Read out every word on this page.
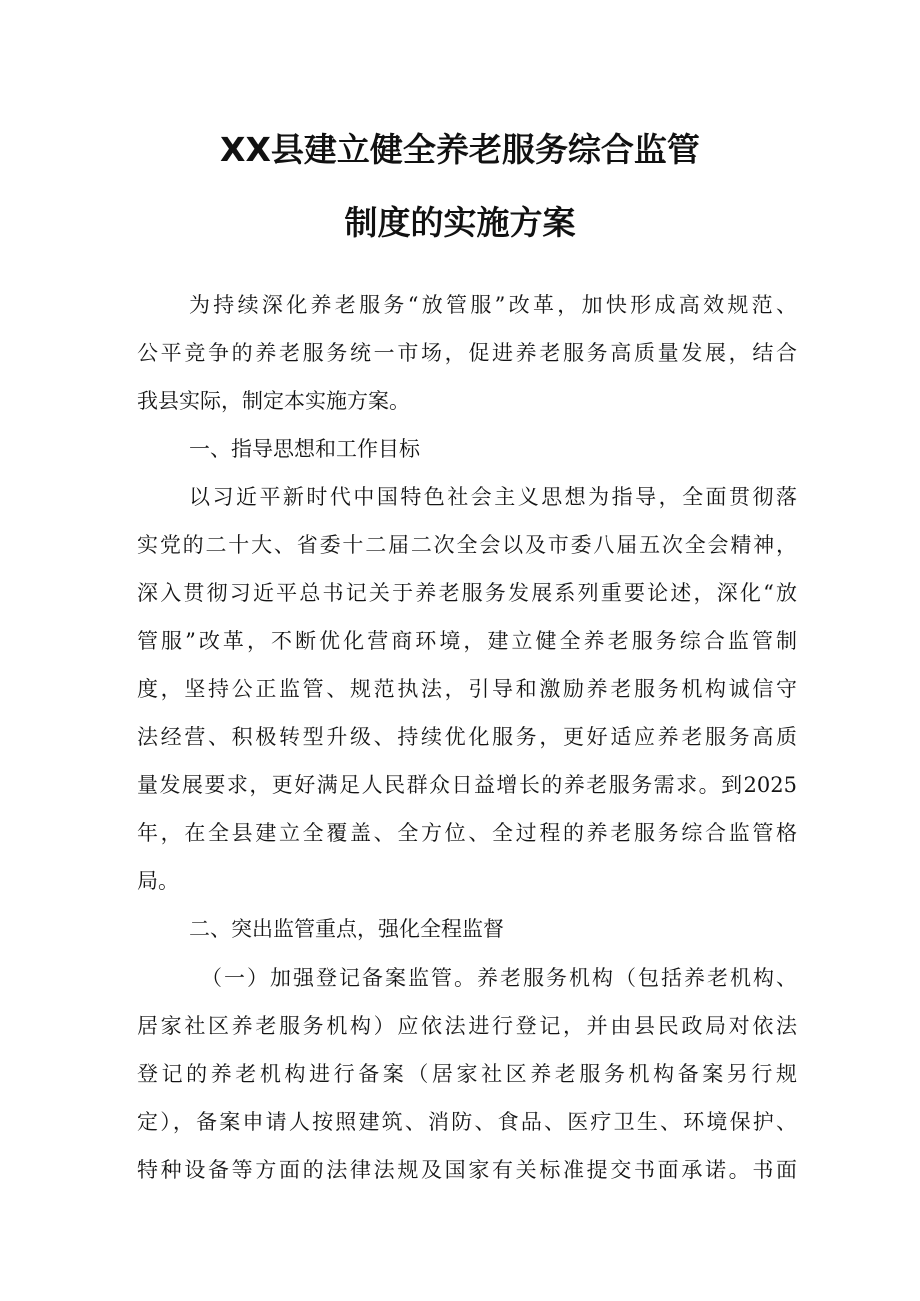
XX县建立健全养老服务综合监管
制度的实施方案
为持续深化养老服务“放管服”改革，加快形成高效规范、
公平竞争的养老服务统一市场，促进养老服务高质量发展，结合
我县实际，制定本实施方案。
一、指导思想和工作目标
以习近平新时代中国特色社会主义思想为指导，全面贯彻落
实党的二十大、省委十二届二次全会以及市委八届五次全会精神，
深入贯彻习近平总书记关于养老服务发展系列重要论述，深化“放
管服”改革，不断优化营商环境，建立健全养老服务综合监管制
度，坚持公正监管、规范执法，引导和激励养老服务机构诚信守
法经营、积极转型升级、持续优化服务，更好适应养老服务高质
量发展要求，更好满足人民群众日益增长的养老服务需求。到2025
年，在全县建立全覆盖、全方位、全过程的养老服务综合监管格
局。
二、突出监管重点，强化全程监督
（一）加强登记备案监管。养老服务机构（包括养老机构、
居家社区养老服务机构）应依法进行登记，并由县民政局对依法
登记的养老机构进行备案（居家社区养老服务机构备案另行规
定），备案申请人按照建筑、消防、食品、医疗卫生、环境保护、
特种设备等方面的法律法规及国家有关标准提交书面承诺。书面
